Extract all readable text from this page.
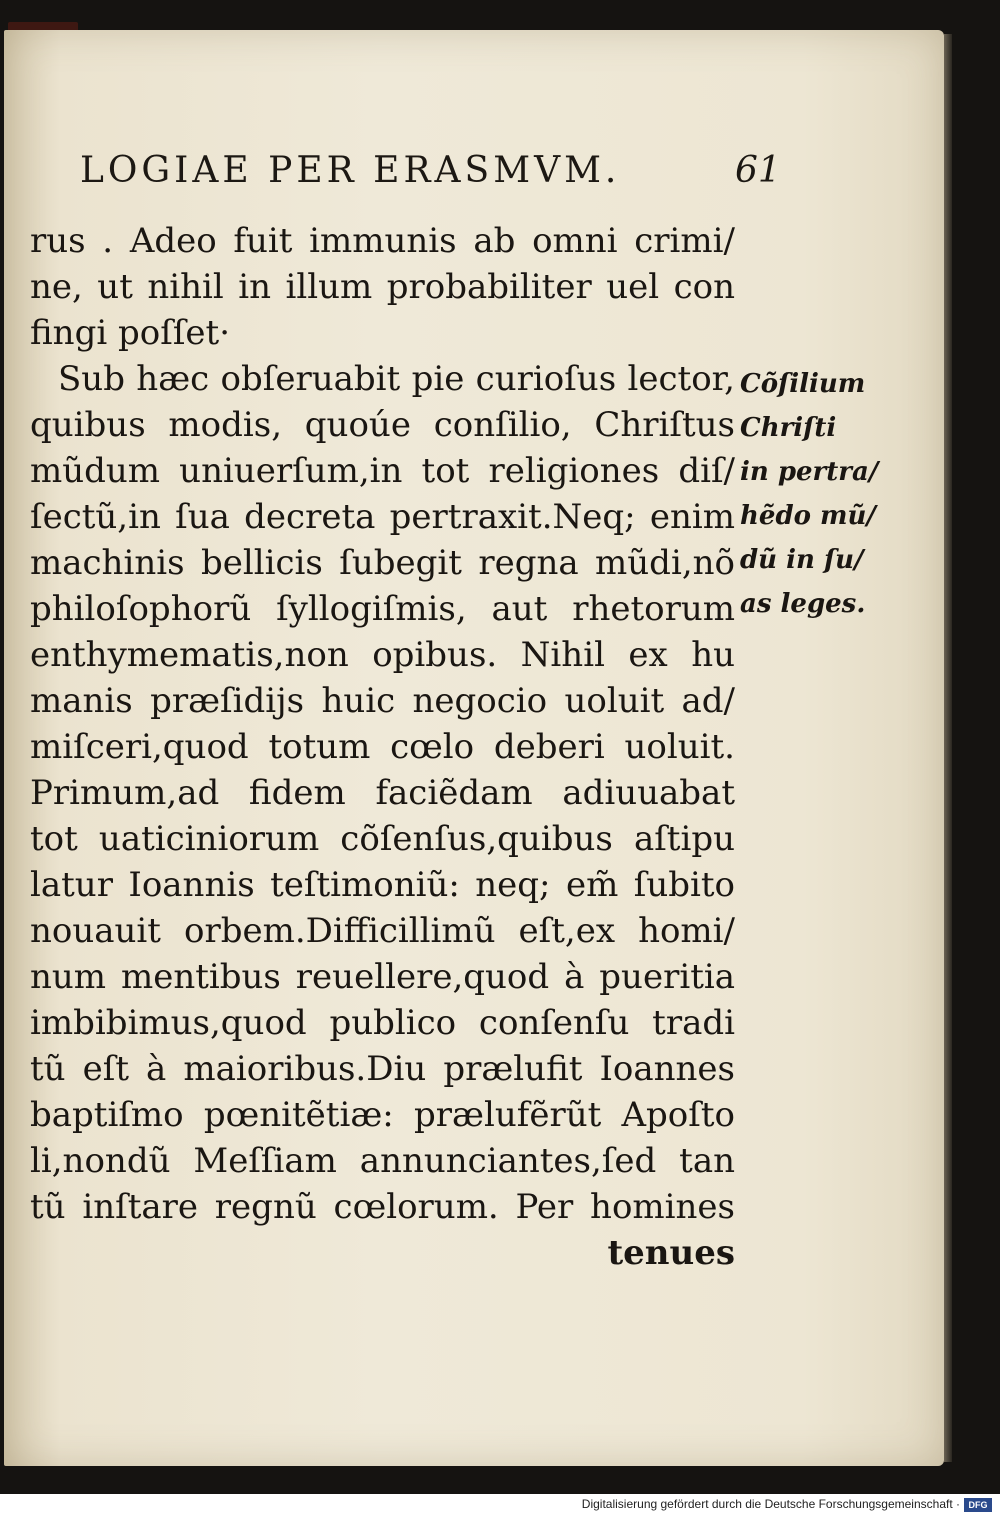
LOGIAE PER ERASMVM.	61
rus . Adeo fuit immunis ab omni crimi/
ne, ut nihil in illum probabiliter uel con
fingi poſſet·
Sub hæc obſeruabit pie curioſus lector,
quibus modis, quoúe conſilio, Chriſtus
mũdum uniuerſum,in tot religiones diſ/
ſectũ,in ſua decreta pertraxit.Neq; enim
machinis bellicis ſubegit regna mũdi,nõ
philoſophorũ ſyllogiſmis, aut rhetorum
enthymematis,non opibus. Nihil ex hu
manis præſidijs huic negocio uoluit ad/
miſceri,quod totum cœlo deberi uoluit.
Primum,ad fidem faciẽdam adiuuabat
tot uaticiniorum cõſenſus,quibus aſtipu
latur Ioannis teſtimoniũ: neq; em̃ ſubito
nouauit orbem.Difficillimũ eſt,ex homi/
num mentibus reuellere,quod à pueritia
imbibimus,quod publico conſenſu tradi
tũ eſt à maioribus.Diu prælufit Ioannes
baptiſmo pœnitẽtiæ: prælufẽrũt Apoſto
li,nondũ Meſſiam annunciantes,ſed tan
tũ inſtare regnũ cœlorum. Per homines
tenues
Cõſilium
Chriſti
in pertra/
hẽdo mũ/
dũ in ſu/
as leges.
Digitalisierung gefördert durch die Deutsche Forschungsgemeinschaft · DFG
